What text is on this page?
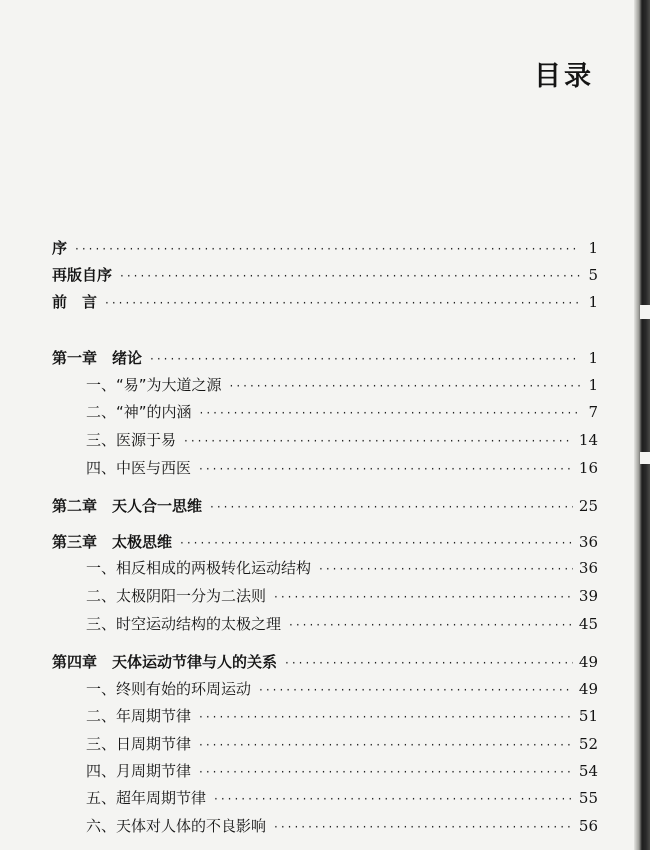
目录
序 ·····	1
再版自序 ·····	5
前　言 ·····	1
第一章　绪论 ·····	1
一、“易”为大道之源 ·····	1
二、“神”的内涵 ·····	7
三、医源于易 ·····	14
四、中医与西医 ·····	16
第二章　天人合一思维 ·····	25
第三章　太极思维 ·····	36
一、相反相成的两极转化运动结构 ·····	36
二、太极阴阳一分为二法则 ·····	39
三、时空运动结构的太极之理 ·····	45
第四章　天体运动节律与人的关系 ·····	49
一、终则有始的环周运动 ·····	49
二、年周期节律 ·····	51
三、日周期节律 ·····	52
四、月周期节律 ·····	54
五、超年周期节律 ·····	55
六、天体对人体的不良影响 ·····	56
